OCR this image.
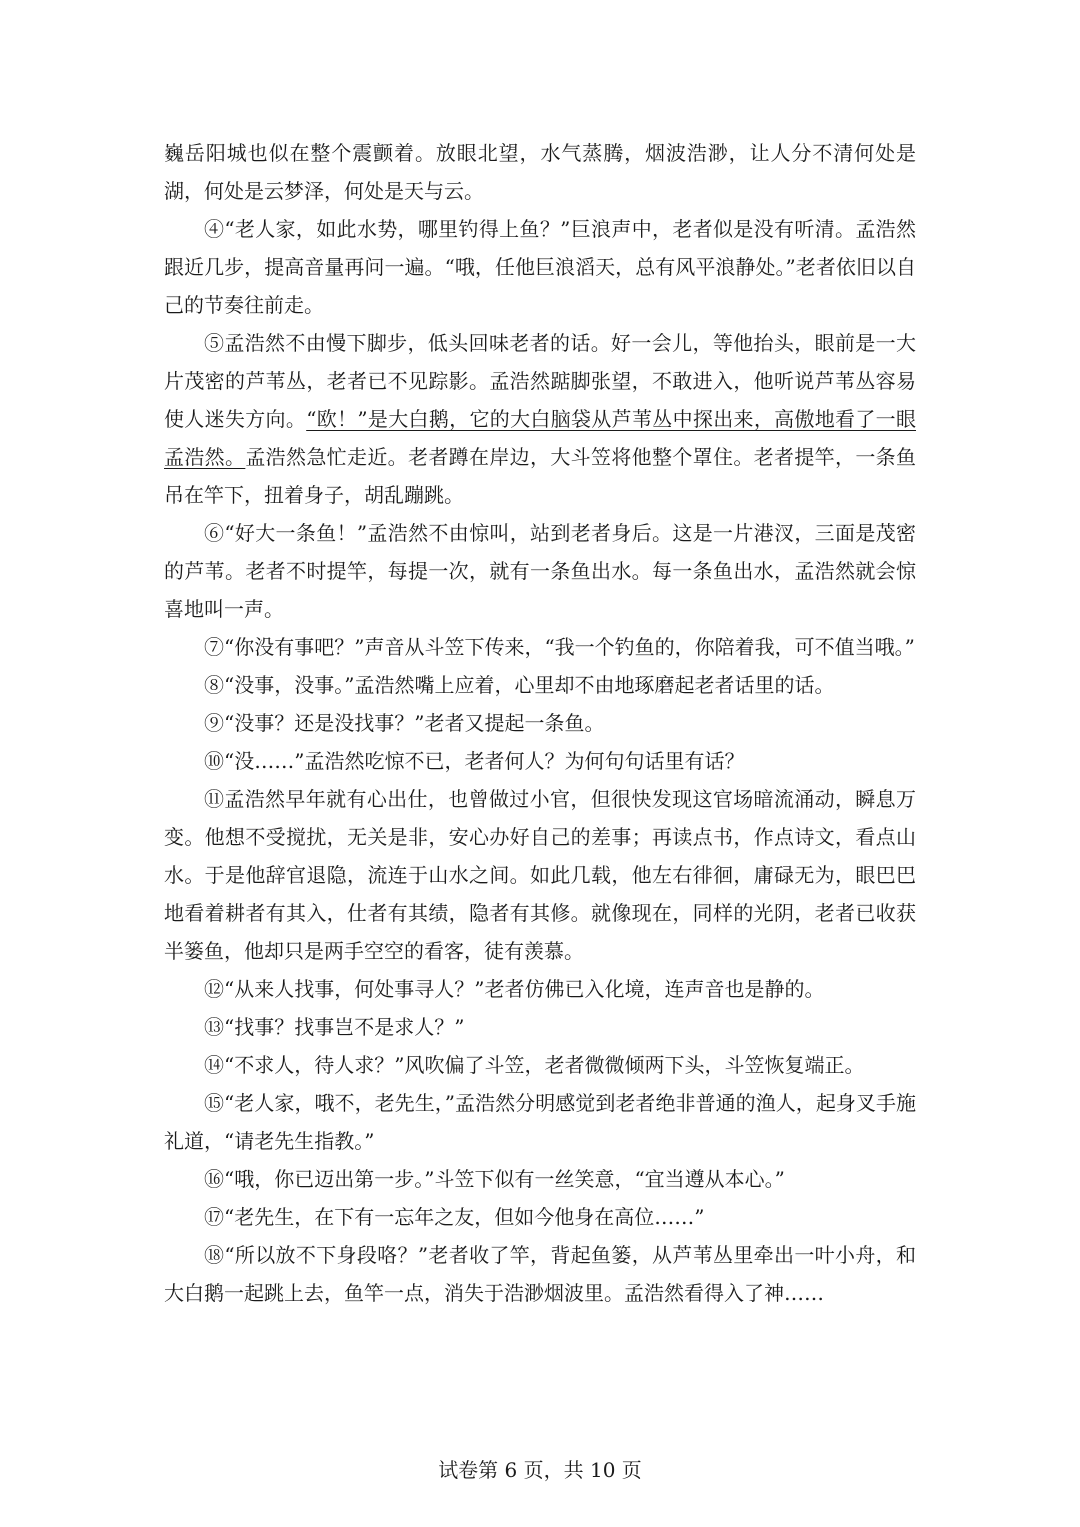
巍岳阳城也似在整个震颤着。放眼北望，水气蒸腾，烟波浩渺，让人分不清何处是湖，何处是云梦泽，何处是天与云。

④“老人家，如此水势，哪里钓得上鱼？”巨浪声中，老者似是没有听清。孟浩然跟近几步，提高音量再问一遍。“哦，任他巨浪滔天，总有风平浪静处。”老者依旧以自己的节奏往前走。

⑤孟浩然不由慢下脚步，低头回味老者的话。好一会儿，等他抬头，眼前是一大片茂密的芦苇丛，老者已不见踪影。孟浩然踮脚张望，不敢进入，他听说芦苇丛容易使人迷失方向。“欧！”是大白鹅，它的大白脑袋从芦苇丛中探出来，高傲地看了一眼孟浩然。孟浩然急忙走近。老者蹲在岸边，大斗笠将他整个罩住。老者提竿，一条鱼吊在竿下，扭着身子，胡乱蹦跳。

⑥“好大一条鱼！”孟浩然不由惊叫，站到老者身后。这是一片港汊，三面是茂密的芦苇。老者不时提竿，每提一次，就有一条鱼出水。每一条鱼出水，孟浩然就会惊喜地叫一声。

⑦“你没有事吧？”声音从斗笠下传来，“我一个钓鱼的，你陪着我，可不值当哦。”

⑧“没事，没事。”孟浩然嘴上应着，心里却不由地琢磨起老者话里的话。

⑨“没事？还是没找事？”老者又提起一条鱼。

⑩“没……”孟浩然吃惊不已，老者何人？为何句句话里有话？

⑪孟浩然早年就有心出仕，也曾做过小官，但很快发现这官场暗流涌动，瞬息万变。他想不受搅扰，无关是非，安心办好自己的差事；再读点书，作点诗文，看点山水。于是他辞官退隐，流连于山水之间。如此几载，他左右徘徊，庸碌无为，眼巴巴地看着耕者有其入，仕者有其绩，隐者有其修。就像现在，同样的光阴，老者已收获半篓鱼，他却只是两手空空的看客，徒有羡慕。

⑫“从来人找事，何处事寻人？”老者仿佛已入化境，连声音也是静的。

⑬“找事？找事岂不是求人？”

⑭“不求人，待人求？”风吹偏了斗笠，老者微微倾两下头，斗笠恢复端正。

⑮“老人家，哦不，老先生，”孟浩然分明感觉到老者绝非普通的渔人，起身叉手施礼道，“请老先生指教。”

⑯“哦，你已迈出第一步。”斗笠下似有一丝笑意，“宜当遵从本心。”

⑰“老先生，在下有一忘年之友，但如今他身在高位……”

⑱“所以放不下身段咯？”老者收了竿，背起鱼篓，从芦苇丛里牵出一叶小舟，和大白鹅一起跳上去，鱼竿一点，消失于浩渺烟波里。孟浩然看得入了神……

试卷第 6 页，共 10 页
